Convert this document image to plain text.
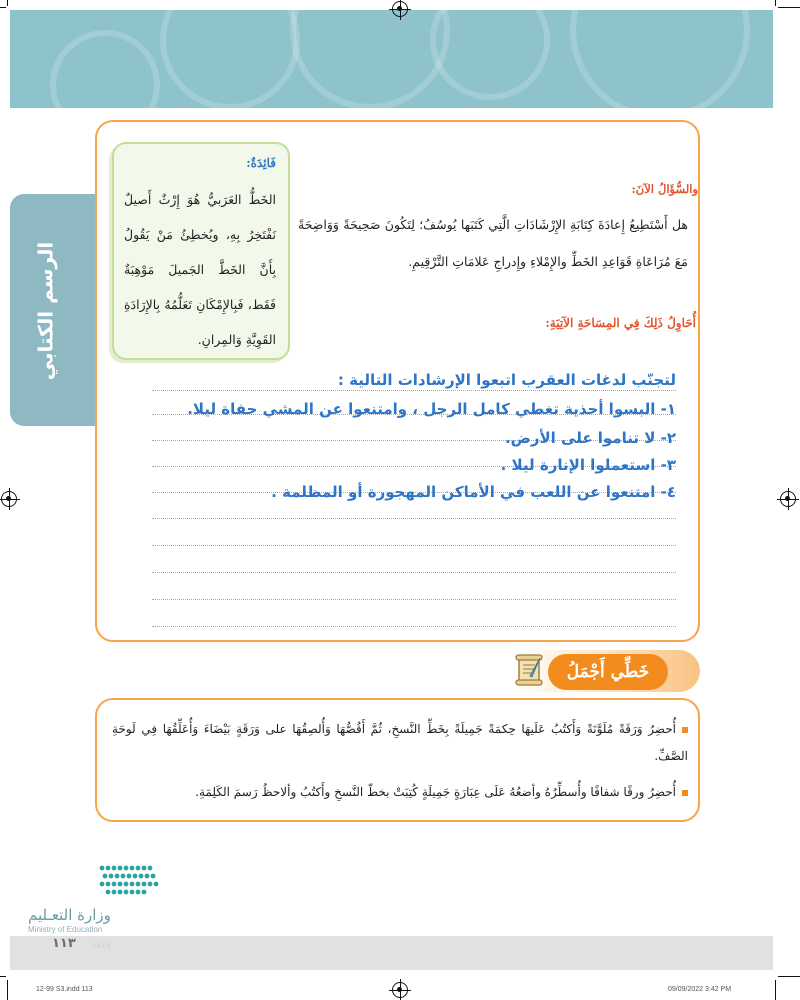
الرسم الكتابي
فَائِدَةٌ:
الخَطُّ العَرَبيُّ هُوَ إِرْثٌ أَصيلٌ نَفْتَخِرُ بِهِ، ويُخطِئُ مَنْ يَقُولُ بِأَنَّ الخَطَّ الجَميلَ مَوْهِبَةٌ فَقَط، فَبِالإِمْكَانِ تَعَلُّمُهُ بِالإِرَادَةِ القَوِيَّةِ وَالمِرانِ.
والسُّؤَالُ الآنَ:
هل أَسْتَطِيعُ إِعادَةَ كِتَابَةِ الإِرْشَادَاتِ الَّتِي كَتَبَها يُوسُفُ؛ لِتَكُونَ صَحِيحَةً وَوَاضِحَةً مَعَ مُرَاعَاةِ قَوَاعِدِ الخَطِّ والإِمْلاءِ وإِدراجِ عَلامَاتِ التَّرْقِيمِ.
أُحَاوِلُ ذَلِكَ فِي المِسَاحَةِ الآتِيَةِ:
لتجنّب لدغات العقرب اتبعوا الإرشادات التالية :
١- البسوا أحذية تغطي كامل الرجل ، وامتنعوا عن المشي حفاة ليلا.
٢- لا تناموا على الأرض.
٣- استعملوا الإنارة ليلا .
٤- امتنعوا عن اللعب في الأماكن المهجورة أو المظلمة .
خَطِّي أَجْمَلُ
أُحضِرُ وَرَقَةً مُلَوَّنَةً وَأَكتُبُ عَلَيهَا حِكمَةً جَمِيلَةً بِخَطِّ النَّسخِ، ثُمَّ أَقُصُّهَا وَأُلصِقُهَا على وَرَقَةٍ بَيْضَاءَ وَأُعَلِّقُهَا فِي لَوحَةِ الصَّفِّ.
أُحضِرُ ورقًا شفافًا وأُسطِّرُهُ وأضعُهُ عَلَى عِبَارَةٍ جَمِيلَةٍ كُتِبَتْ بخطّ النَّسخِ وأَكتُبُ وألاحظُ رَسمَ الكَلِمَةِ.
وزارة التعـليم
Ministry of Education
١١٣ ١٤٤٤
12-99 S3.indd 113	09/09/2022 3:42 PM
